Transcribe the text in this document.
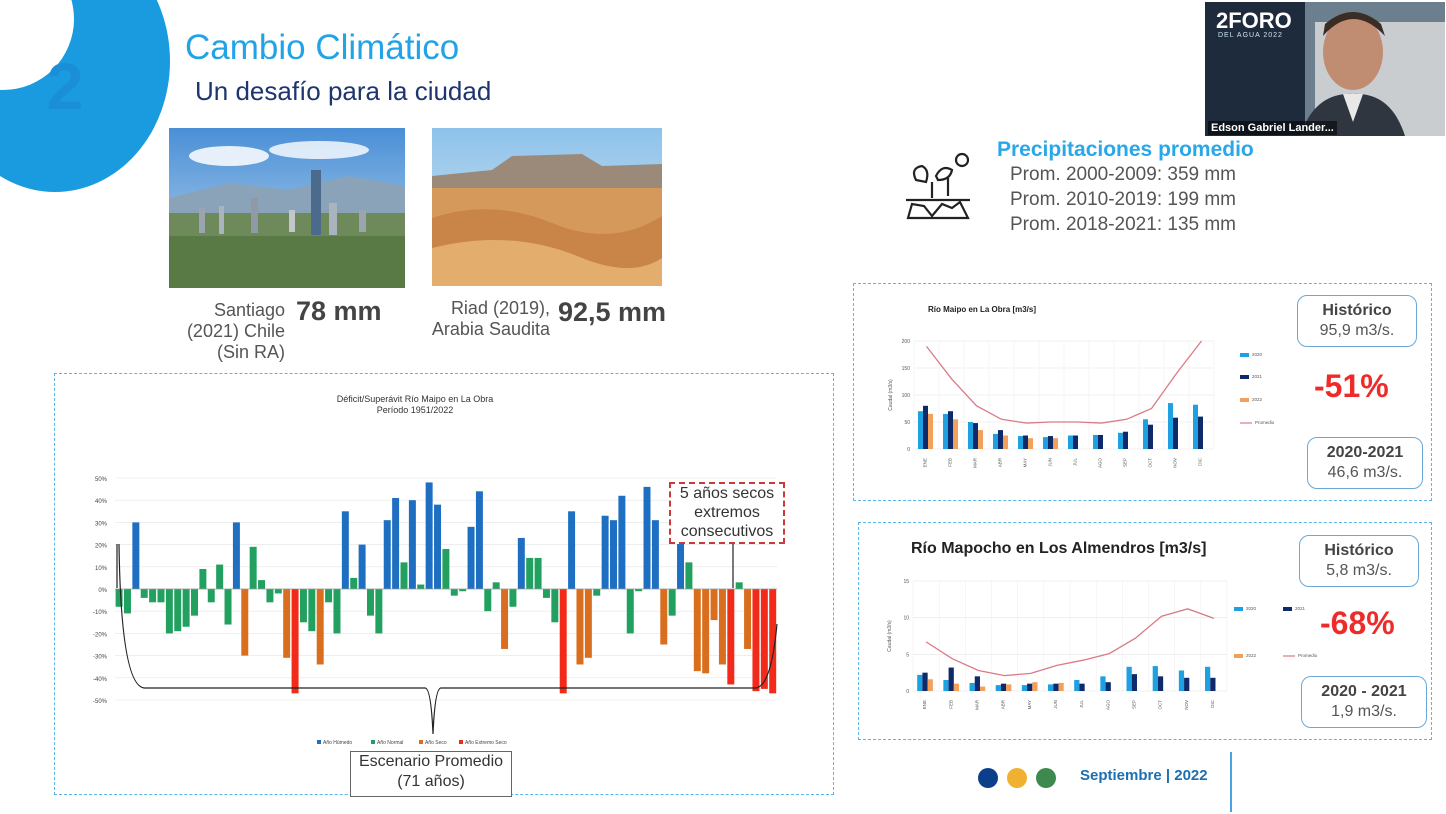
2
Cambio Climático
Un desafío para la ciudad
Santiago
(2021) Chile
(Sin RA)
78 mm	Riad (2019),
Arabia Saudita
92,5 mm
Precipitaciones promedio
Prom. 2000-2009: 359 mm
Prom. 2010-2019: 199 mm
Prom. 2018-2021: 135 mm
2FORO
DEL AGUA 2022
Edson Gabriel Lander...
Déficit/Superávit Río Maipo en La Obra
Período 1951/2022
50%
40%
30%
20%
10%
0%
-10%
-20%
-30%
-40%
-50%
Año Húmedo	Año Normal	Año Seco	Año Extremo Seco
5 años secos
extremos
consecutivos
Escenario Promedio
(71 años)
Río Maipo en La Obra [m3/s]
200
150
100
50
0
Caudal (m3/s)
ENE	FEB	MAR	ABR	MAY	JUN	JUL	AGO	SEP	OCT	NOV	DIC
2020
2021
2022
Promedio
Histórico
95,9 m3/s.
-51%
2020-2021
46,6 m3/s.
Río Mapocho en Los Almendros [m3/s]
15
10
5
0
Caudal (m3/s)
ENE	FEB	MAR	ABR	MAY	JUN	JUL	AGO	SEP	OCT	NOV	DIC
2020	2021
2022	Promedio
Histórico
5,8 m3/s.
-68%
2020 - 2021
1,9 m3/s.
Septiembre | 2022
